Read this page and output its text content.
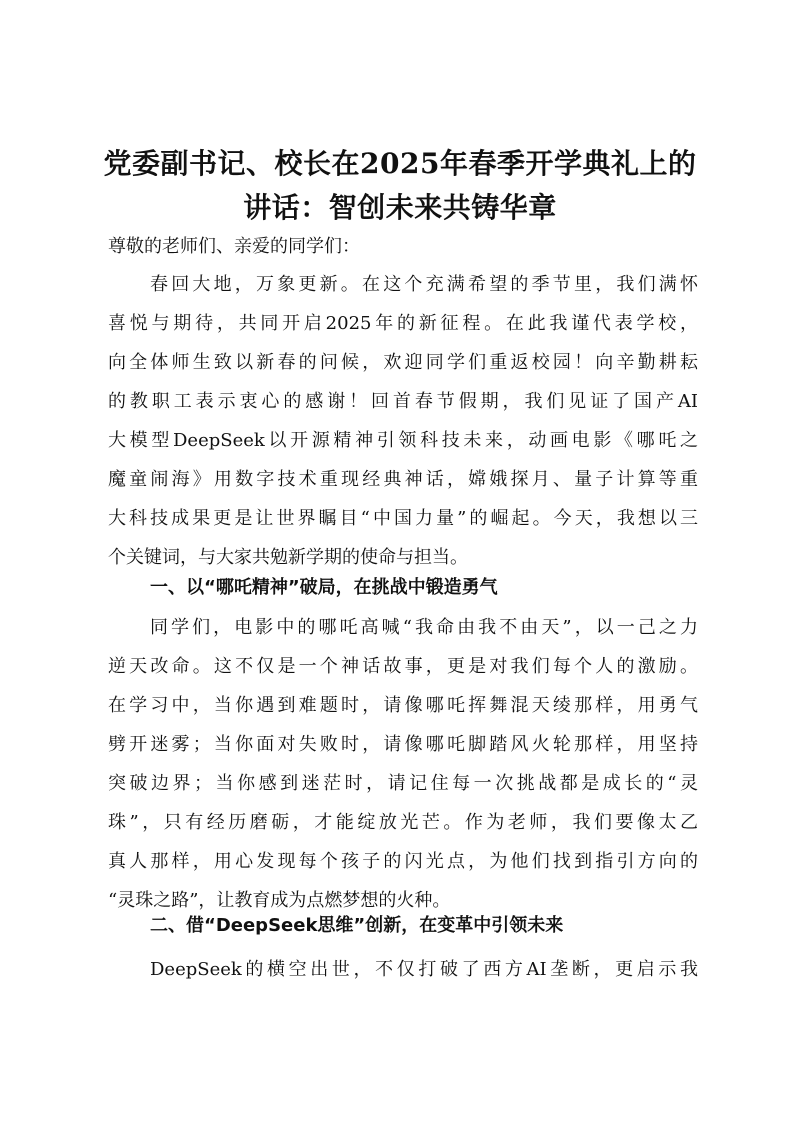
党委副书记、校长在2025年春季开学典礼上的
讲话：智创未来共铸华章
尊敬的老师们、亲爱的同学们：
春回大地，万象更新。在这个充满希望的季节里，我们满怀
喜悦与期待，共同开启2025年的新征程。在此我谨代表学校，
向全体师生致以新春的问候，欢迎同学们重返校园！向辛勤耕耘
的教职工表示衷心的感谢！回首春节假期，我们见证了国产AI
大模型DeepSeek以开源精神引领科技未来，动画电影《哪吒之
魔童闹海》用数字技术重现经典神话，嫦娥探月、量子计算等重
大科技成果更是让世界瞩目“中国力量”的崛起。今天，我想以三
个关键词，与大家共勉新学期的使命与担当。
一、以“哪吒精神”破局，在挑战中锻造勇气
同学们，电影中的哪吒高喊“我命由我不由天”，以一己之力
逆天改命。这不仅是一个神话故事，更是对我们每个人的激励。
在学习中，当你遇到难题时，请像哪吒挥舞混天绫那样，用勇气
劈开迷雾；当你面对失败时，请像哪吒脚踏风火轮那样，用坚持
突破边界；当你感到迷茫时，请记住每一次挑战都是成长的“灵
珠”，只有经历磨砺，才能绽放光芒。作为老师，我们要像太乙
真人那样，用心发现每个孩子的闪光点，为他们找到指引方向的
“灵珠之路”，让教育成为点燃梦想的火种。
二、借“DeepSeek思维”创新，在变革中引领未来
DeepSeek的横空出世，不仅打破了西方AI垄断，更启示我
